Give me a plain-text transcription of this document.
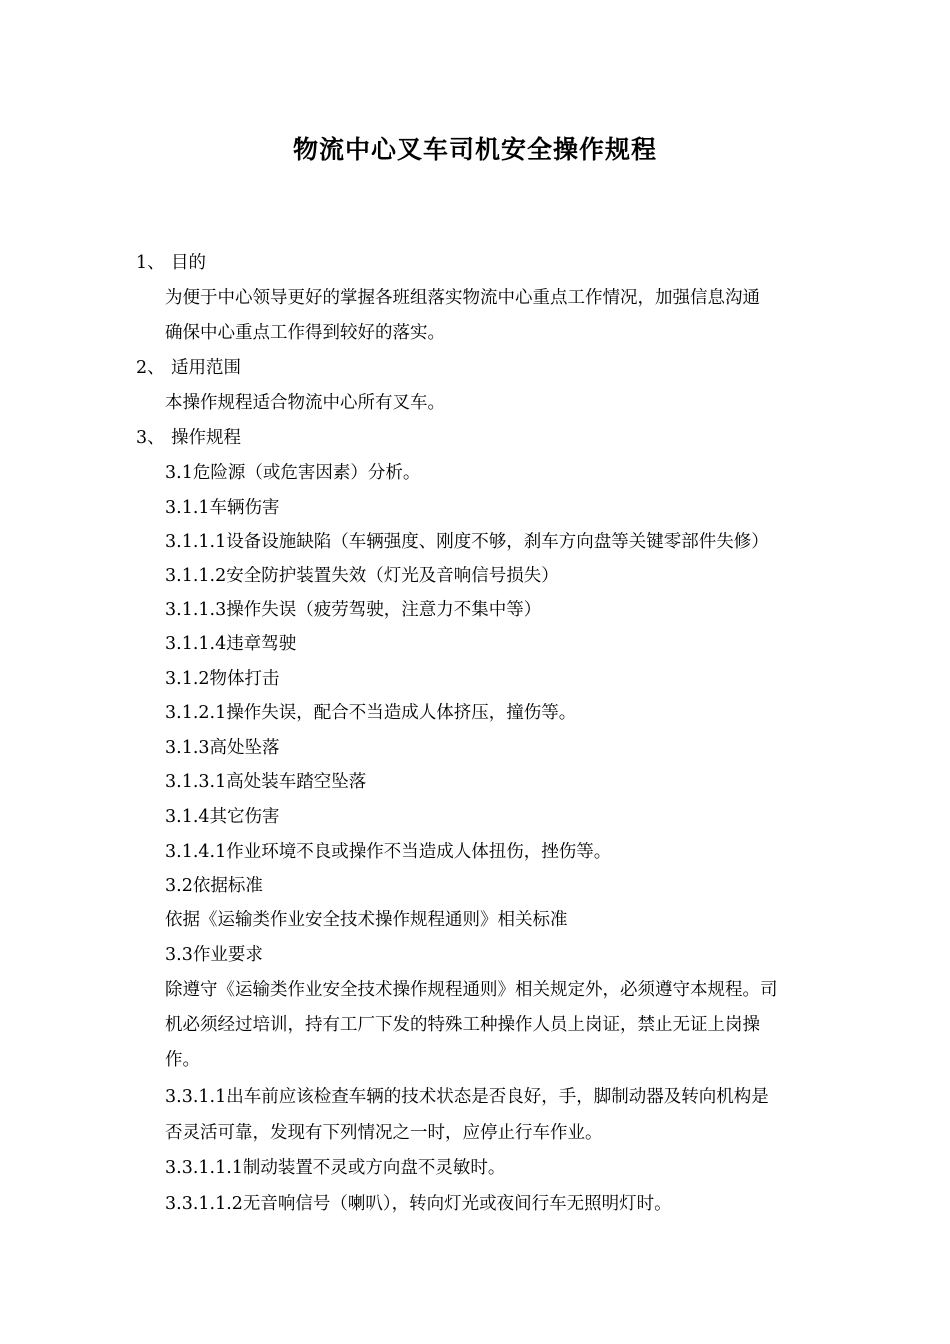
物流中心叉车司机安全操作规程
1、 目的
为便于中心领导更好的掌握各班组落实物流中心重点工作情况，加强信息沟通
确保中心重点工作得到较好的落实。
2、 适用范围
本操作规程适合物流中心所有叉车。
3、 操作规程
3.1危险源（或危害因素）分析。
3.1.1车辆伤害
3.1.1.1设备设施缺陷（车辆强度、刚度不够，刹车方向盘等关键零部件失修）
3.1.1.2安全防护装置失效（灯光及音响信号损失）
3.1.1.3操作失误（疲劳驾驶，注意力不集中等）
3.1.1.4违章驾驶
3.1.2物体打击
3.1.2.1操作失误，配合不当造成人体挤压，撞伤等。
3.1.3高处坠落
3.1.3.1高处装车踏空坠落
3.1.4其它伤害
3.1.4.1作业环境不良或操作不当造成人体扭伤，挫伤等。
3.2依据标准
依据《运输类作业安全技术操作规程通则》相关标准
3.3作业要求
除遵守《运输类作业安全技术操作规程通则》相关规定外，必须遵守本规程。司
机必须经过培训，持有工厂下发的特殊工种操作人员上岗证，禁止无证上岗操
作。
3.3.1.1出车前应该检查车辆的技术状态是否良好，手，脚制动器及转向机构是
否灵活可靠，发现有下列情况之一时，应停止行车作业。
3.3.1.1.1制动装置不灵或方向盘不灵敏时。
3.3.1.1.2无音响信号（喇叭），转向灯光或夜间行车无照明灯时。
